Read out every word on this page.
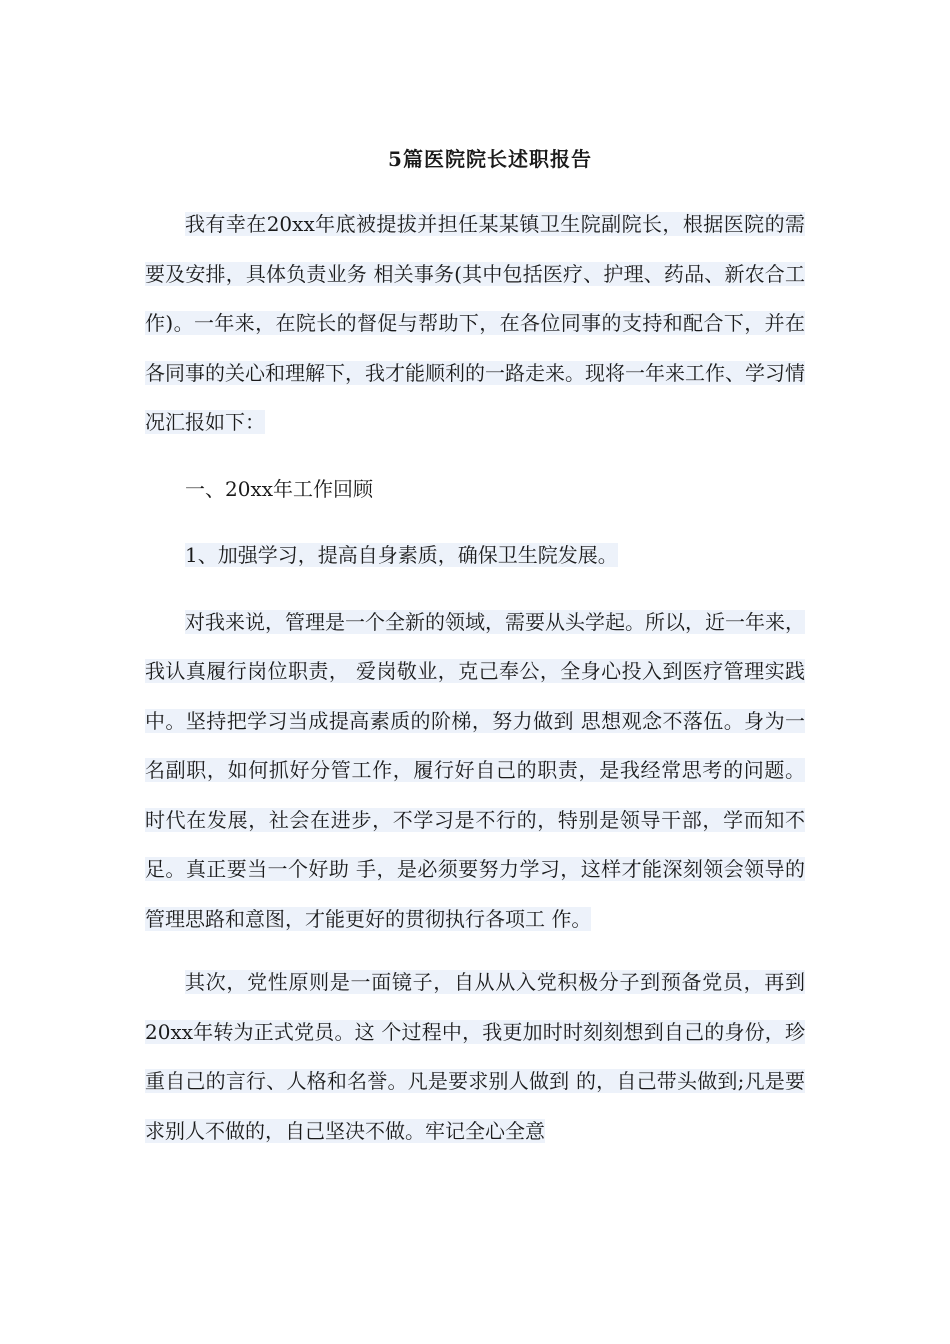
5篇医院院长述职报告

我有幸在20xx年底被提拔并担任某某镇卫生院副院长，根据医院的需要及安排，具体负责业务 相关事务(其中包括医疗、护理、药品、新农合工作)。一年来，在院长的督促与帮助下，在各位同事的支持和配合下，并在各同事的关心和理解下，我才能顺利的一路走来。现将一年来工作、学习情 况汇报如下：

一、20xx年工作回顾

1、加强学习，提高自身素质，确保卫生院发展。

对我来说，管理是一个全新的领域，需要从头学起。所以，近一年来，我认真履行岗位职责， 爱岗敬业，克己奉公，全身心投入到医疗管理实践中。坚持把学习当成提高素质的阶梯，努力做到 思想观念不落伍。身为一名副职，如何抓好分管工作，履行好自己的职责，是我经常思考的问题。 时代在发展，社会在进步，不学习是不行的，特别是领导干部，学而知不足。真正要当一个好助 手，是必须要努力学习，这样才能深刻领会领导的管理思路和意图，才能更好的贯彻执行各项工 作。

其次，党性原则是一面镜子，自从从入党积极分子到预备党员，再到20xx年转为正式党员。这 个过程中，我更加时时刻刻想到自己的身份，珍重自己的言行、人格和名誉。凡是要求别人做到 的，自己带头做到;凡是要求别人不做的，自己坚决不做。牢记全心全意
